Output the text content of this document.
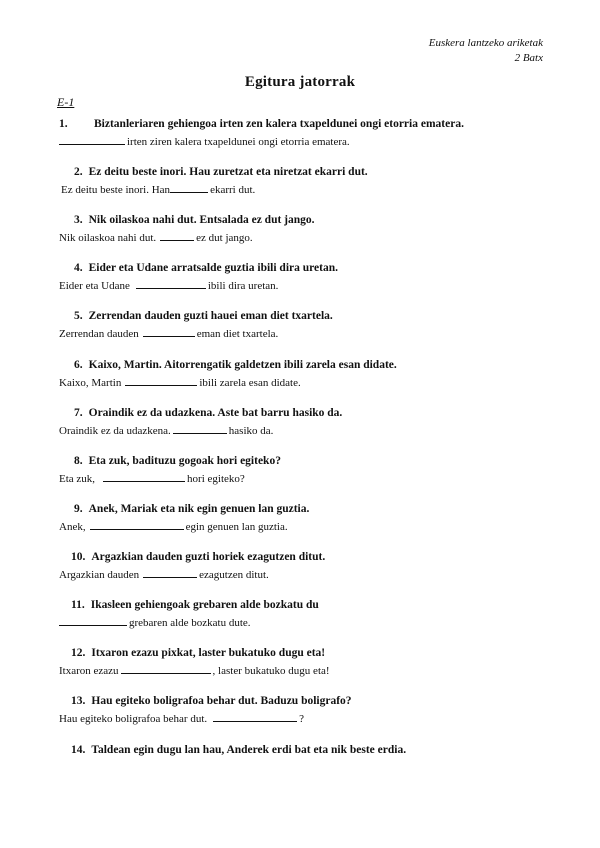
Euskera lantzeko ariketak
2 Batx
Egitura jatorrak
E-1
1. Biztanleriaren gehiengoa irten zen kalera txapeldunei ongi etorria ematera.
irten ziren kalera txapeldunei ongi etorria ematera.
2. Ez deitu beste inori. Hau zuretzat eta niretzat ekarri dut.
Ez deitu beste inori. Han	ekarri dut.
3. Nik oilaskoa nahi dut. Entsalada ez dut jango.
Nik oilaskoa nahi dut.	ez dut jango.
4. Eider eta Udane arratsalde guztia ibili dira uretan.
Eider eta Udane	ibili dira uretan.
5. Zerrendan dauden guzti hauei eman diet txartela.
Zerrendan dauden	eman diet txartela.
6. Kaixo, Martin. Aitorrengatik galdetzen ibili zarela esan didate.
Kaixo, Martin	ibili zarela esan didate.
7. Oraindik ez da udazkena. Aste bat barru hasiko da.
Oraindik ez da udazkena.	hasiko da.
8. Eta zuk, badituzu gogoak hori egiteko?
Eta zuk,	hori egiteko?
9. Anek, Mariak eta nik egin genuen lan guztia.
Anek,	egin genuen lan guztia.
10. Argazkian dauden guzti horiek ezagutzen ditut.
Argazkian dauden	ezagutzen ditut.
11. Ikasleen gehiengoak grebaren alde bozkatu du
grebaren alde bozkatu dute.
12. Itxaron ezazu pixkat, laster bukatuko dugu eta!
Itxaron ezazu	, laster bukatuko dugu eta!
13. Hau egiteko boligrafoa behar dut. Baduzu boligrafo?
Hau egiteko boligrafoa behar dut.	?
14. Taldean egin dugu lan hau, Anderek erdi bat eta nik beste erdia.
